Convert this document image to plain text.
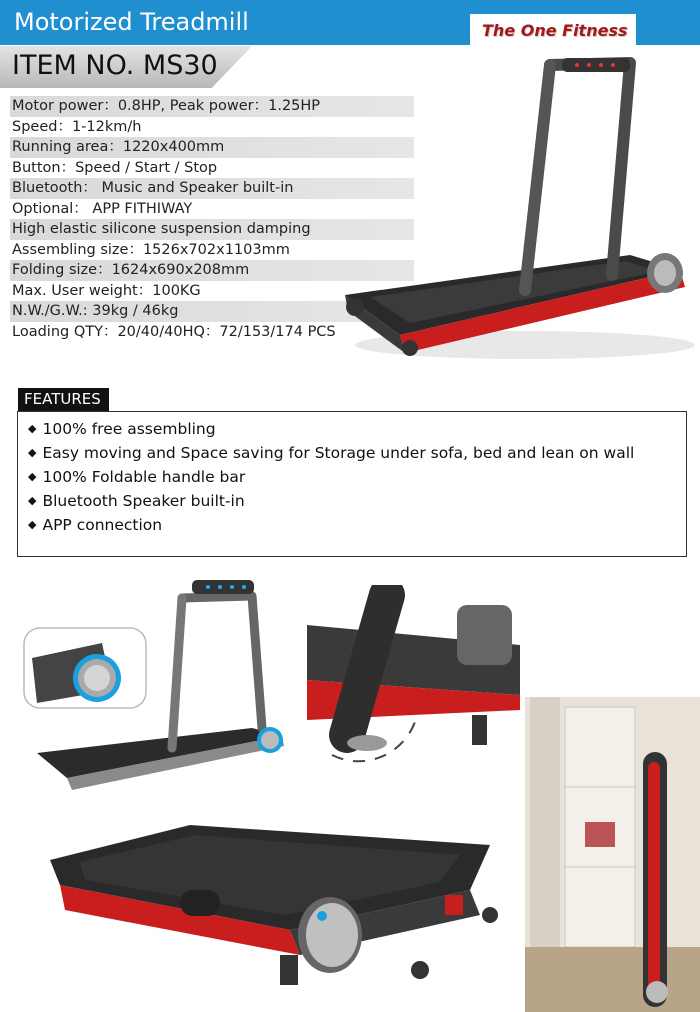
Motorized Treadmill	The One Fitness
ITEM NO. MS30
Motor power：0.8HP, Peak power：1.25HP
Speed：1-12km/h
Running area：1220x400mm
Button：Speed / Start / Stop
Bluetooth： Music and Speaker built-in
Optional： APP FITHIWAY
High elastic silicone suspension damping
Assembling size：1526x702x1103mm
Folding size：1624x690x208mm
Max. User weight：100KG
N.W./G.W.: 39kg / 46kg
Loading QTY：20/40/40HQ：72/153/174 PCS
FEATURES
◆ 100% free assembling
◆ Easy moving and Space saving for Storage under sofa, bed and lean on wall
◆ 100% Foldable handle bar
◆ Bluetooth Speaker built-in
◆ APP connection
